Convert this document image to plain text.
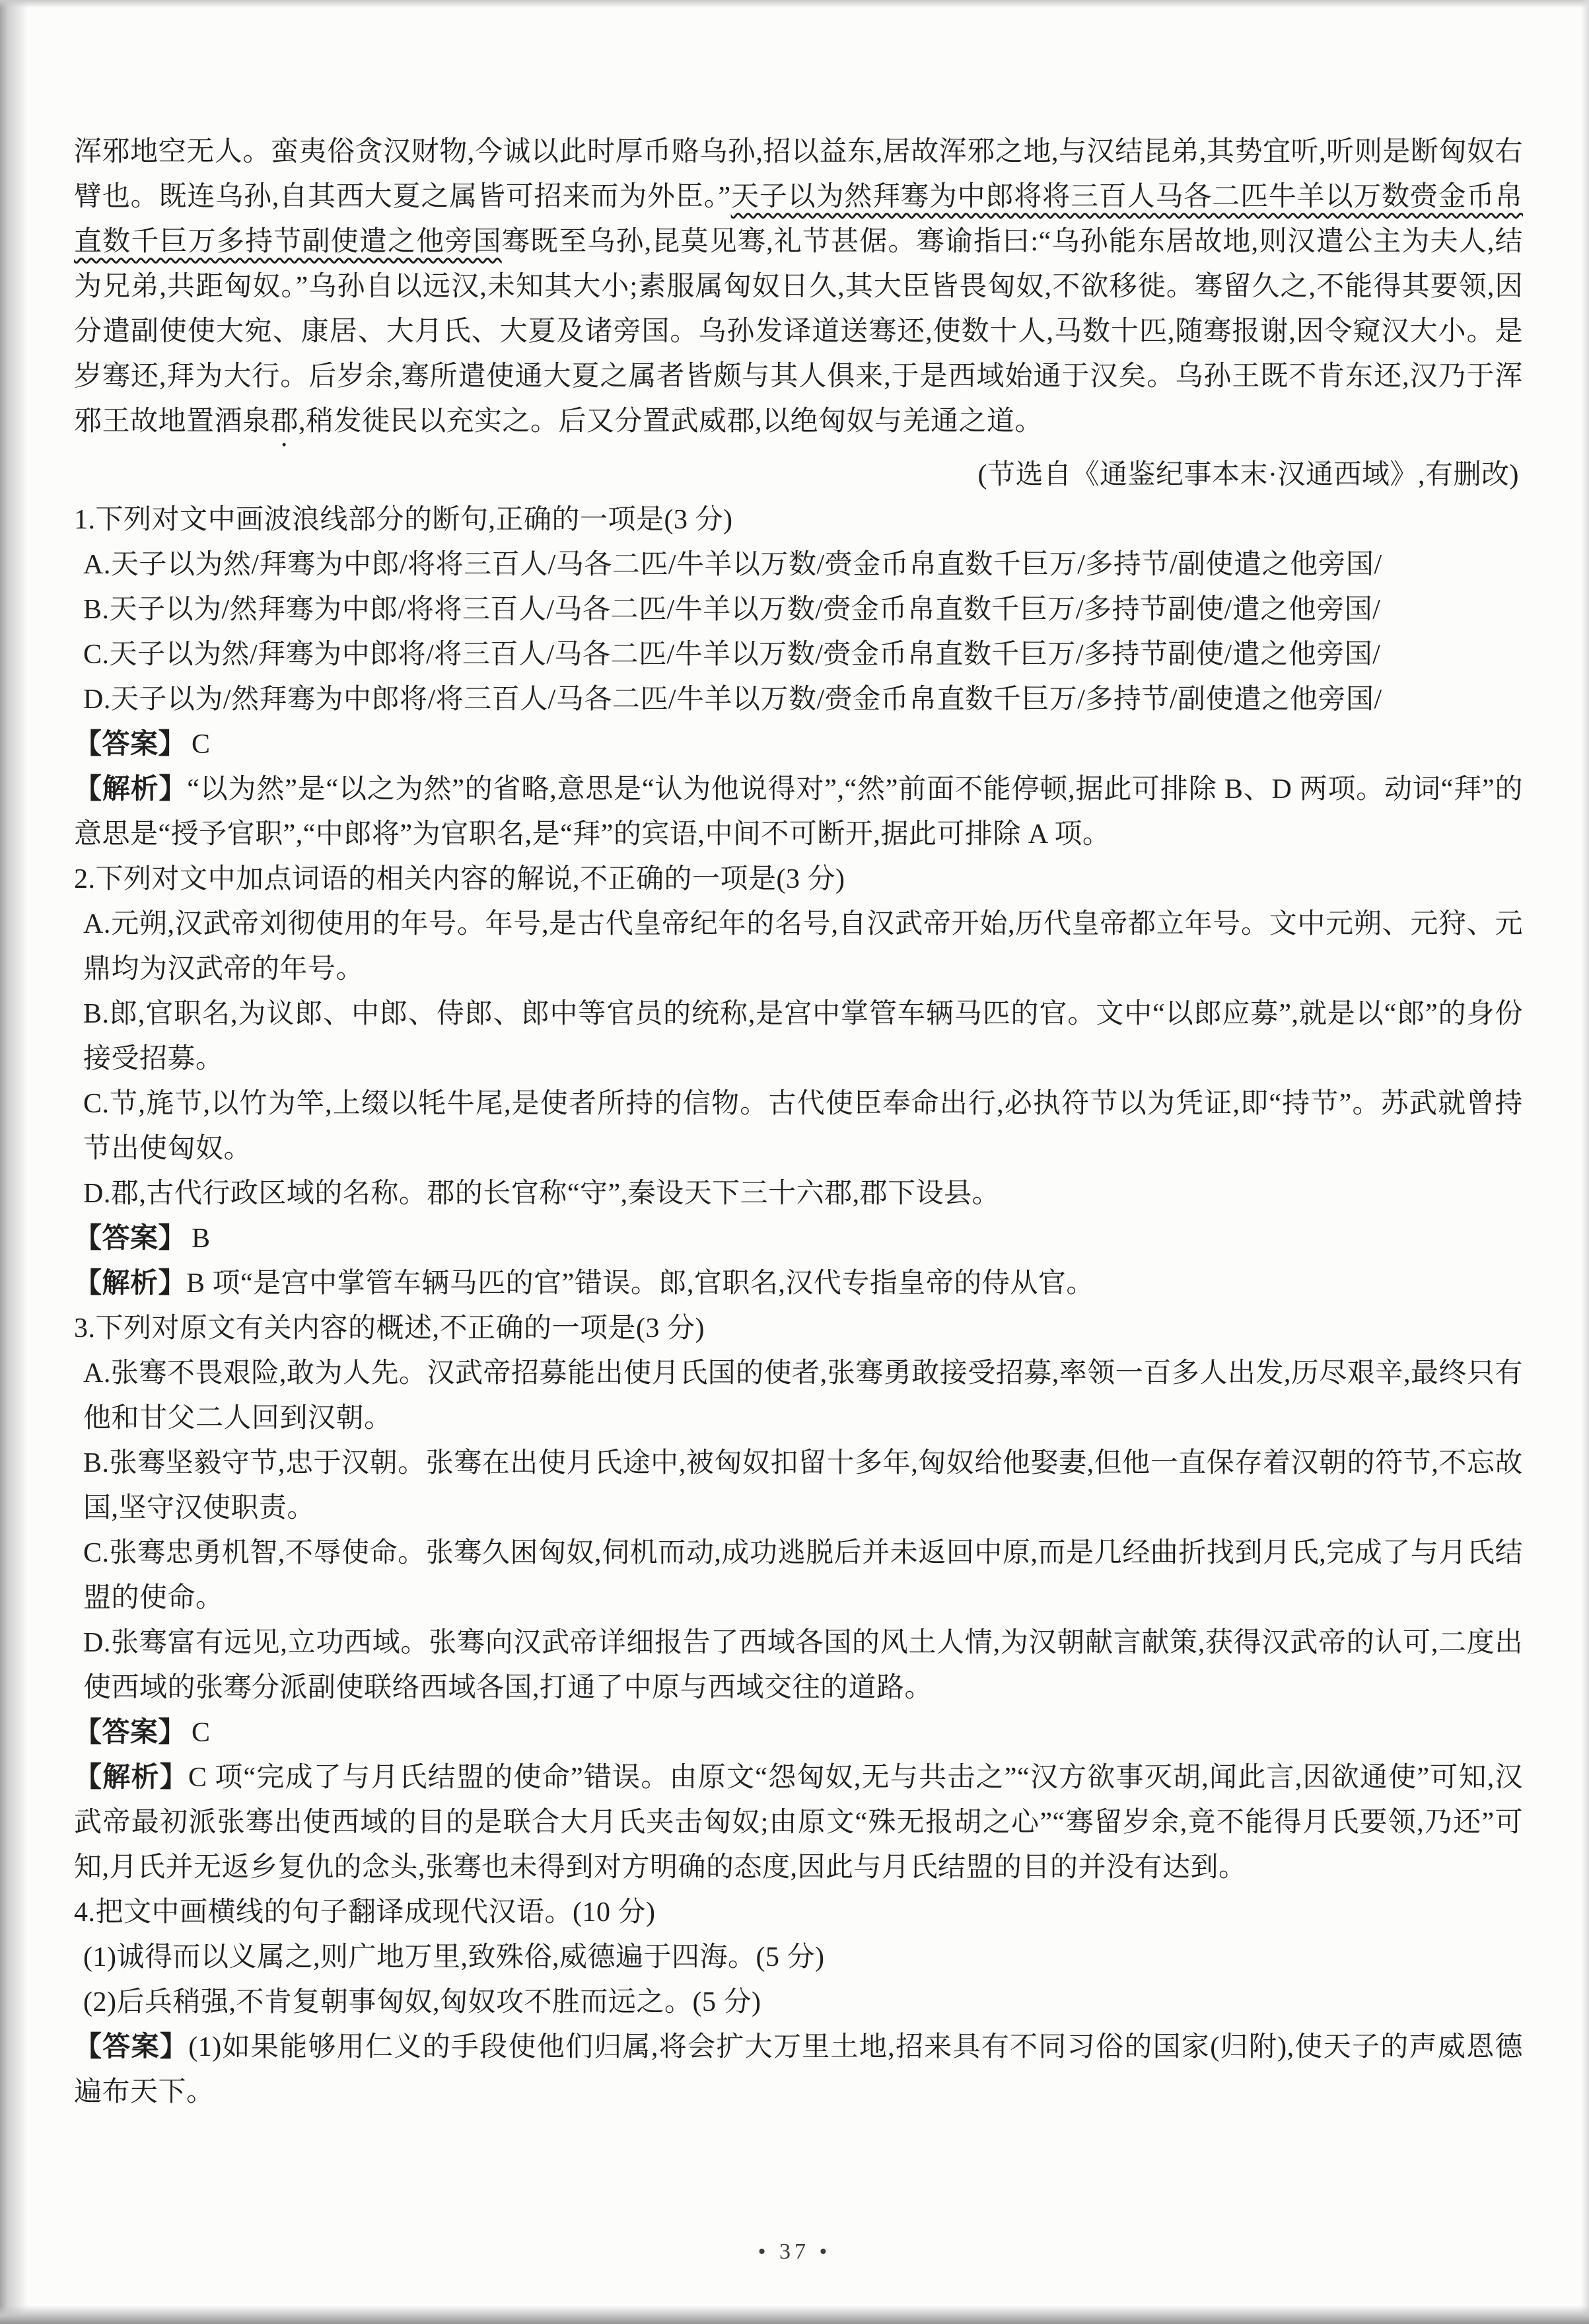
浑邪地空无人。蛮夷俗贪汉财物,今诚以此时厚币赂乌孙,招以益东,居故浑邪之地,与汉结昆弟,其势宜听,听则是断匈奴右臂也。既连乌孙,自其西大夏之属皆可招来而为外臣。”天子以为然拜骞为中郎将将三百人马各二匹牛羊以万数赍金币帛直数千巨万多持节副使遣之他旁国骞既至乌孙,昆莫见骞,礼节甚倨。骞谕指曰:“乌孙能东居故地,则汉遣公主为夫人,结为兄弟,共距匈奴。”乌孙自以远汉,未知其大小;素服属匈奴日久,其大臣皆畏匈奴,不欲移徙。骞留久之,不能得其要领,因分遣副使使大宛、康居、大月氏、大夏及诸旁国。乌孙发译道送骞还,使数十人,马数十匹,随骞报谢,因令窥汉大小。是岁骞还,拜为大行。后岁余,骞所遣使通大夏之属者皆颇与其人俱来,于是西域始通于汉矣。乌孙王既不肯东还,汉乃于浑邪王故地置酒泉郡,稍发徙民以充实之。后又分置武威郡,以绝匈奴与羌通之道。

(节选自《通鉴纪事本末·汉通西域》,有删改)

1.下列对文中画波浪线部分的断句,正确的一项是(3 分)

A.天子以为然/拜骞为中郎/将将三百人/马各二匹/牛羊以万数/赍金币帛直数千巨万/多持节/副使遣之他旁国/

B.天子以为/然拜骞为中郎/将将三百人/马各二匹/牛羊以万数/赍金币帛直数千巨万/多持节副使/遣之他旁国/

C.天子以为然/拜骞为中郎将/将三百人/马各二匹/牛羊以万数/赍金币帛直数千巨万/多持节副使/遣之他旁国/

D.天子以为/然拜骞为中郎将/将三百人/马各二匹/牛羊以万数/赍金币帛直数千巨万/多持节/副使遣之他旁国/

【答案】 C

【解析】“以为然”是“以之为然”的省略,意思是“认为他说得对”,“然”前面不能停顿,据此可排除 B、D 两项。动词“拜”的意思是“授予官职”,“中郎将”为官职名,是“拜”的宾语,中间不可断开,据此可排除 A 项。

2.下列对文中加点词语的相关内容的解说,不正确的一项是(3 分)

A.元朔,汉武帝刘彻使用的年号。年号,是古代皇帝纪年的名号,自汉武帝开始,历代皇帝都立年号。文中元朔、元狩、元鼎均为汉武帝的年号。

B.郎,官职名,为议郎、中郎、侍郎、郎中等官员的统称,是宫中掌管车辆马匹的官。文中“以郎应募”,就是以“郎”的身份接受招募。

C.节,旄节,以竹为竿,上缀以牦牛尾,是使者所持的信物。古代使臣奉命出行,必执符节以为凭证,即“持节”。苏武就曾持节出使匈奴。

D.郡,古代行政区域的名称。郡的长官称“守”,秦设天下三十六郡,郡下设县。

【答案】 B

【解析】B 项“是宫中掌管车辆马匹的官”错误。郎,官职名,汉代专指皇帝的侍从官。

3.下列对原文有关内容的概述,不正确的一项是(3 分)

A.张骞不畏艰险,敢为人先。汉武帝招募能出使月氏国的使者,张骞勇敢接受招募,率领一百多人出发,历尽艰辛,最终只有他和甘父二人回到汉朝。

B.张骞坚毅守节,忠于汉朝。张骞在出使月氏途中,被匈奴扣留十多年,匈奴给他娶妻,但他一直保存着汉朝的符节,不忘故国,坚守汉使职责。

C.张骞忠勇机智,不辱使命。张骞久困匈奴,伺机而动,成功逃脱后并未返回中原,而是几经曲折找到月氏,完成了与月氏结盟的使命。

D.张骞富有远见,立功西域。张骞向汉武帝详细报告了西域各国的风土人情,为汉朝献言献策,获得汉武帝的认可,二度出使西域的张骞分派副使联络西域各国,打通了中原与西域交往的道路。

【答案】 C

【解析】C 项“完成了与月氏结盟的使命”错误。由原文“怨匈奴,无与共击之”“汉方欲事灭胡,闻此言,因欲通使”可知,汉武帝最初派张骞出使西域的目的是联合大月氏夹击匈奴;由原文“殊无报胡之心”“骞留岁余,竟不能得月氏要领,乃还”可知,月氏并无返乡复仇的念头,张骞也未得到对方明确的态度,因此与月氏结盟的目的并没有达到。

4.把文中画横线的句子翻译成现代汉语。(10 分)

(1)诚得而以义属之,则广地万里,致殊俗,威德遍于四海。(5 分)

(2)后兵稍强,不肯复朝事匈奴,匈奴攻不胜而远之。(5 分)

【答案】(1)如果能够用仁义的手段使他们归属,将会扩大万里土地,招来具有不同习俗的国家(归附),使天子的声威恩德遍布天下。

• 37 •
